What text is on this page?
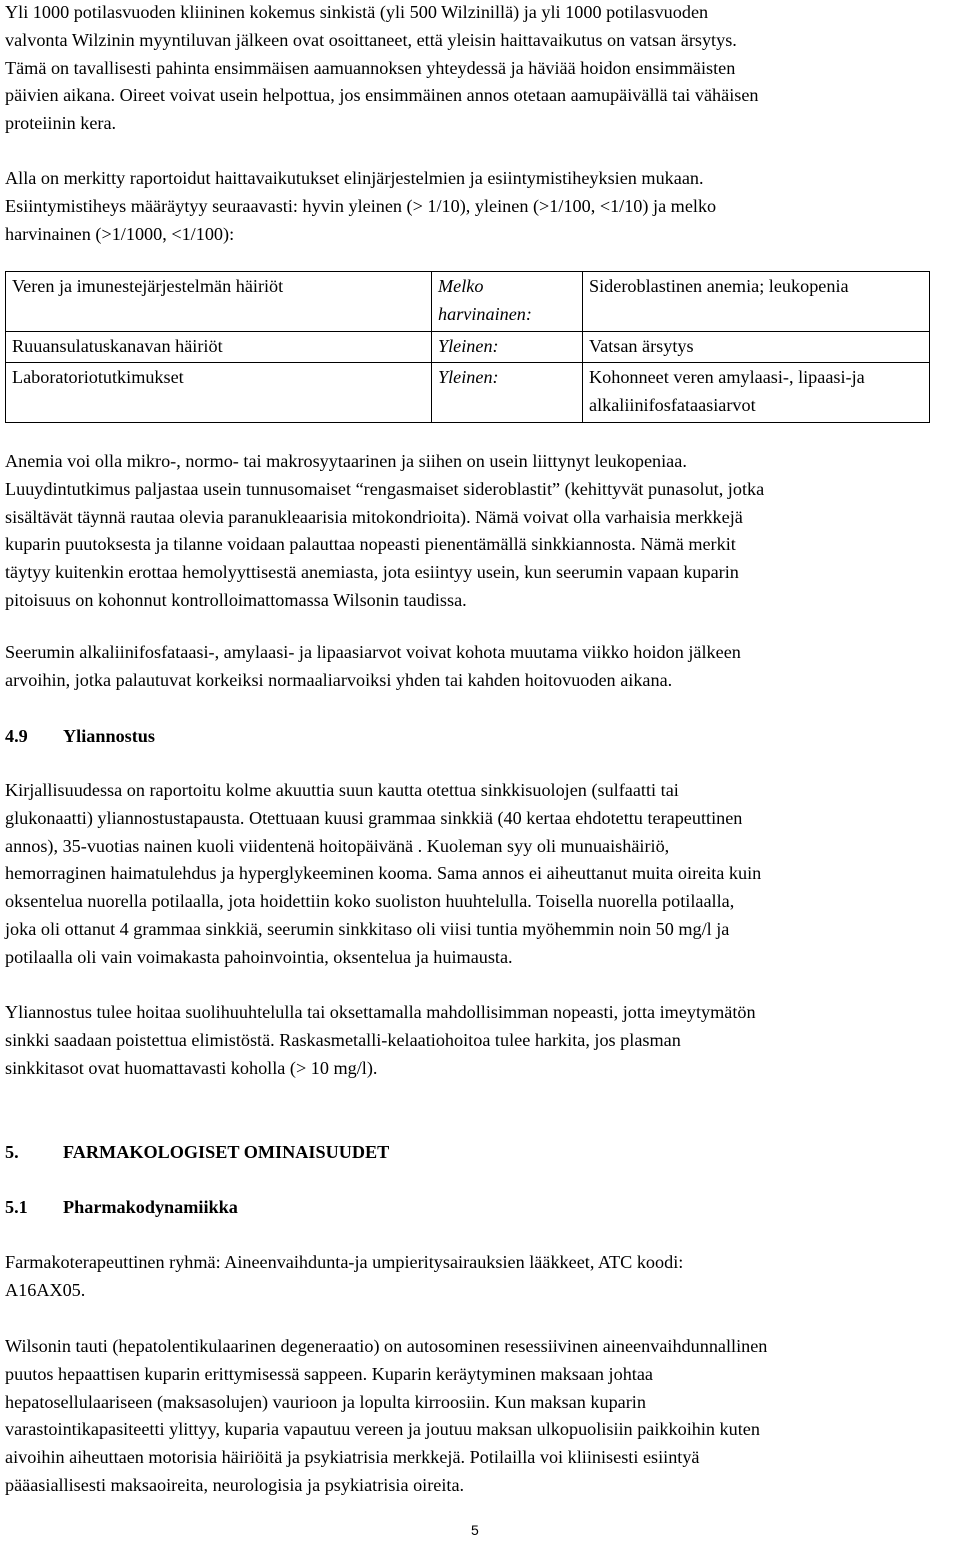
Yli 1000 potilasvuoden kliininen kokemus sinkistä (yli 500 Wilzinillä) ja yli 1000 potilasvuoden
valvonta Wilzinin myyntiluvan jälkeen ovat osoittaneet, että yleisin haittavaikutus on vatsan ärsytys.
Tämä on tavallisesti pahinta ensimmäisen aamuannoksen yhteydessä ja häviää hoidon ensimmäisten
päivien aikana. Oireet voivat usein helpottua, jos ensimmäinen annos otetaan aamupäivällä tai vähäisen
proteiinin kera.

Alla on merkitty raportoidut haittavaikutukset elinjärjestelmien ja esiintymistiheyksien mukaan.
Esiintymistiheys määräytyy seuraavasti: hyvin yleinen (> 1/10), yleinen (>1/100, <1/10) ja melko
harvinainen (>1/1000, <1/100):

Veren ja imunestejärjestelmän häiriöt	Melko harvinainen:	Sideroblastinen anemia; leukopenia
Ruuansulatuskanavan häiriöt	Yleinen:	Vatsan ärsytys
Laboratoriotutkimukset	Yleinen:	Kohonneet veren amylaasi-, lipaasi-ja alkaliinifosfataasiarvot

Anemia voi olla mikro-, normo- tai makrosyytaarinen ja siihen on usein liittynyt leukopeniaa.
Luuydintutkimus paljastaa usein tunnusomaiset “rengasmaiset sideroblastit” (kehittyvät punasolut, jotka
sisältävät täynnä rautaa olevia paranukleaarisia mitokondrioita). Nämä voivat olla varhaisia merkkejä
kuparin puutoksesta ja tilanne voidaan palauttaa nopeasti pienentämällä sinkkiannosta. Nämä merkit
täytyy kuitenkin erottaa hemolyyttisestä anemiasta, jota esiintyy usein, kun seerumin vapaan kuparin
pitoisuus on kohonnut kontrolloimattomassa Wilsonin taudissa.

Seerumin alkaliinifosfataasi-, amylaasi- ja lipaasiarvot voivat kohota muutama viikko hoidon jälkeen
arvoihin, jotka palautuvat korkeiksi normaaliarvoiksi yhden tai kahden hoitovuoden aikana.

4.9 Yliannostus

Kirjallisuudessa on raportoitu kolme akuuttia suun kautta otettua sinkkisuolojen (sulfaatti tai
glukonaatti) yliannostustapausta. Otettuaan kuusi grammaa sinkkiä (40 kertaa ehdotettu terapeuttinen
annos), 35-vuotias nainen kuoli viidentenä hoitopäivänä . Kuoleman syy oli munuaishäiriö,
hemorraginen haimatulehdus ja hyperglykeeminen kooma. Sama annos ei aiheuttanut muita oireita kuin
oksentelua nuorella potilaalla, jota hoidettiin koko suoliston huuhtelulla. Toisella nuorella potilaalla,
joka oli ottanut 4 grammaa sinkkiä, seerumin sinkkitaso oli viisi tuntia myöhemmin noin 50 mg/l ja
potilaalla oli vain voimakasta pahoinvointia, oksentelua ja huimausta.

Yliannostus tulee hoitaa suolihuuhtelulla tai oksettamalla mahdollisimman nopeasti, jotta imeytymätön
sinkki saadaan poistettua elimistöstä. Raskasmetalli-kelaatiohoitoa tulee harkita, jos plasman
sinkkitasot ovat huomattavasti koholla (> 10 mg/l).

5. FARMAKOLOGISET OMINAISUUDET
5.1 Pharmakodynamiikka

Farmakoterapeuttinen ryhmä: Aineenvaihdunta-ja umpieritysairauksien lääkkeet, ATC koodi:
A16AX05.

Wilsonin tauti (hepatolentikulaarinen degeneraatio) on autosominen resessiivinen aineenvaihdunnallinen
puutos hepaattisen kuparin erittymisessä sappeen. Kuparin keräytyminen maksaan johtaa
hepatosellulaariseen (maksasolujen) vaurioon ja lopulta kirroosiin. Kun maksan kuparin
varastointikapasiteetti ylittyy, kuparia vapautuu vereen ja joutuu maksan ulkopuolisiin paikkoihin kuten
aivoihin aiheuttaen motorisia häiriöitä ja psykiatrisia merkkejä. Potilailla voi kliinisesti esiintyä
pääasiallisesti maksaoireita, neurologisia ja psykiatrisia oireita.

5
